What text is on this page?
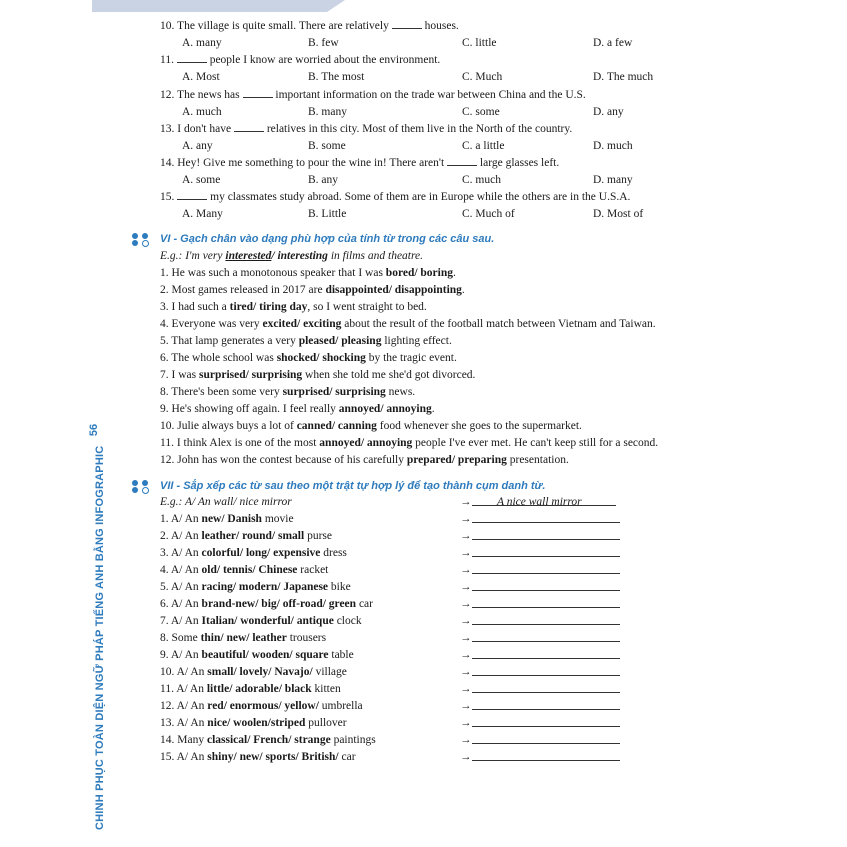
56
CHINH PHỤC TOÀN DIỆN NGỮ PHÁP TIẾNG ANH BẰNG INFOGRAPHIC
10. The village is quite small. There are relatively	houses.
A. many	B. few	C. little	D. a few
11.	people I know are worried about the environment.
A. Most	B. The most	C. Much	D. The much
12. The news has	important information on the trade war between China and the U.S.
A. much	B. many	C. some	D. any
13. I don't have	relatives in this city. Most of them live in the North of the country.
A. any	B. some	C. a little	D. much
14. Hey! Give me something to pour the wine in! There aren't	large glasses left.
A. some	B. any	C. much	D. many
15.	my classmates study abroad. Some of them are in Europe while the others are in the U.S.A.
A. Many	B. Little	C. Much of	D. Most of
VI - Gạch chân vào dạng phù hợp của tính từ trong các câu sau.
E.g.: I'm very interested/ interesting in films and theatre.
1. He was such a monotonous speaker that I was bored/ boring.
2. Most games released in 2017 are disappointed/ disappointing.
3. I had such a tired/ tiring day, so I went straight to bed.
4. Everyone was very excited/ exciting about the result of the football match between Vietnam and Taiwan.
5. That lamp generates a very pleased/ pleasing lighting effect.
6. The whole school was shocked/ shocking by the tragic event.
7. I was surprised/ surprising when she told me she'd got divorced.
8. There's been some very surprised/ surprising news.
9. He's showing off again. I feel really annoyed/ annoying.
10. Julie always buys a lot of canned/ canning food whenever she goes to the supermarket.
11. I think Alex is one of the most annoyed/ annoying people I've ever met. He can't keep still for a second.
12. John has won the contest because of his carefully prepared/ preparing presentation.
VII - Sắp xếp các từ sau theo một trật tự hợp lý để tạo thành cụm danh từ.
E.g.: A/ An wall/ nice mirror	→ A nice wall mirror
1. A/ An new/ Danish movie	→
2. A/ An leather/ round/ small purse	→
3. A/ An colorful/ long/ expensive dress	→
4. A/ An old/ tennis/ Chinese racket	→
5. A/ An racing/ modern/ Japanese bike	→
6. A/ An brand-new/ big/ off-road/ green car	→
7. A/ An Italian/ wonderful/ antique clock	→
8. Some thin/ new/ leather trousers	→
9. A/ An beautiful/ wooden/ square table	→
10. A/ An small/ lovely/ Navajo/ village	→
11. A/ An little/ adorable/ black kitten	→
12. A/ An red/ enormous/ yellow/ umbrella	→
13. A/ An nice/ woolen/striped pullover	→
14. Many classical/ French/ strange paintings	→
15. A/ An shiny/ new/ sports/ British/ car	→
